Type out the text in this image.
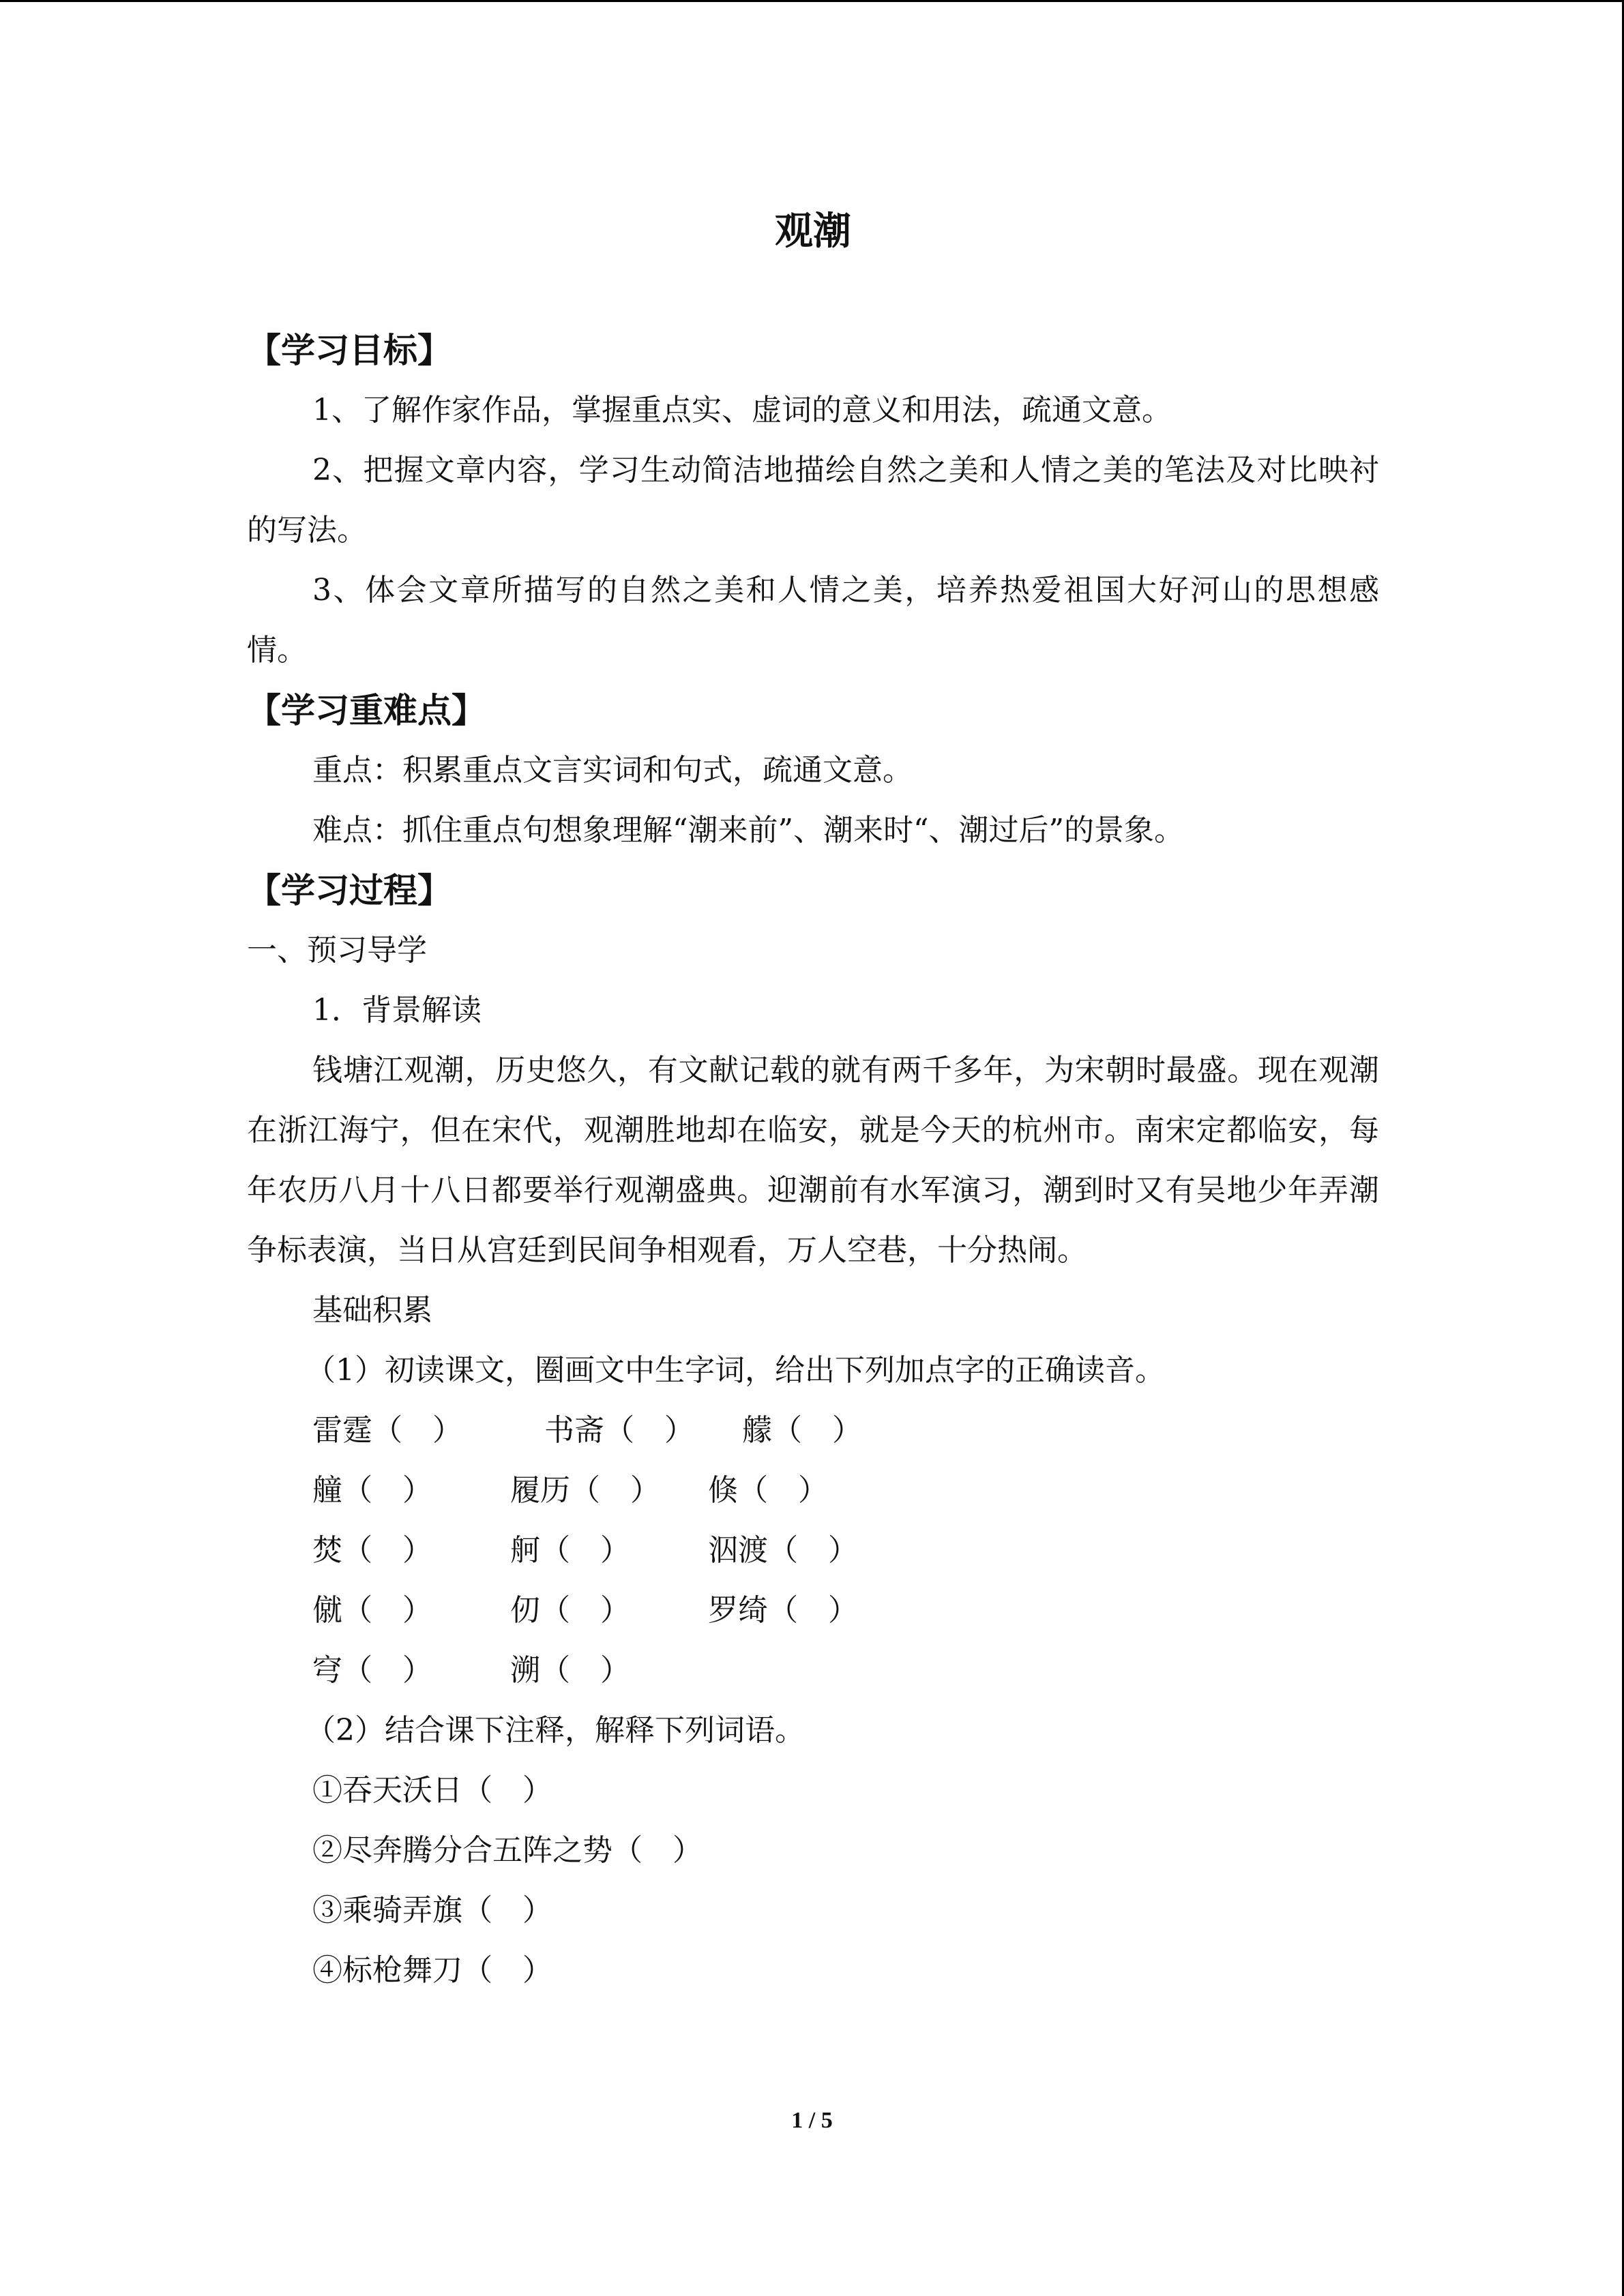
观潮

【学习目标】

1、了解作家作品，掌握重点实、虚词的意义和用法，疏通文意。

2、把握文章内容，学习生动简洁地描绘自然之美和人情之美的笔法及对比映衬的写法。

3、体会文章所描写的自然之美和人情之美，培养热爱祖国大好河山的思想感情。

【学习重难点】

重点：积累重点文言实词和句式，疏通文意。

难点：抓住重点句想象理解“潮来前”、潮来时“、潮过后”的景象。

【学习过程】

一、预习导学

1．背景解读

钱塘江观潮，历史悠久，有文献记载的就有两千多年，为宋朝时最盛。现在观潮在浙江海宁，但在宋代，观潮胜地却在临安，就是今天的杭州市。南宋定都临安，每年农历八月十八日都要举行观潮盛典。迎潮前有水军演习，潮到时又有吴地少年弄潮争标表演，当日从宫廷到民间争相观看，万人空巷，十分热闹。

基础积累

（1）初读课文，圈画文中生字词，给出下列加点字的正确读音。

雷霆（　）	书斋（　） 艨（　）
艟（　）	履历（　） 倏（　）
焚（　）	舸（　）	泅渡（　）
僦（　）	仞（　）	罗绮（　）
穹（　）	溯（　）

（2）结合课下注释，解释下列词语。

①吞天沃日（　）

②尽奔腾分合五阵之势（　）

③乘骑弄旗（　）

④标枪舞刀（　）

1 / 5
